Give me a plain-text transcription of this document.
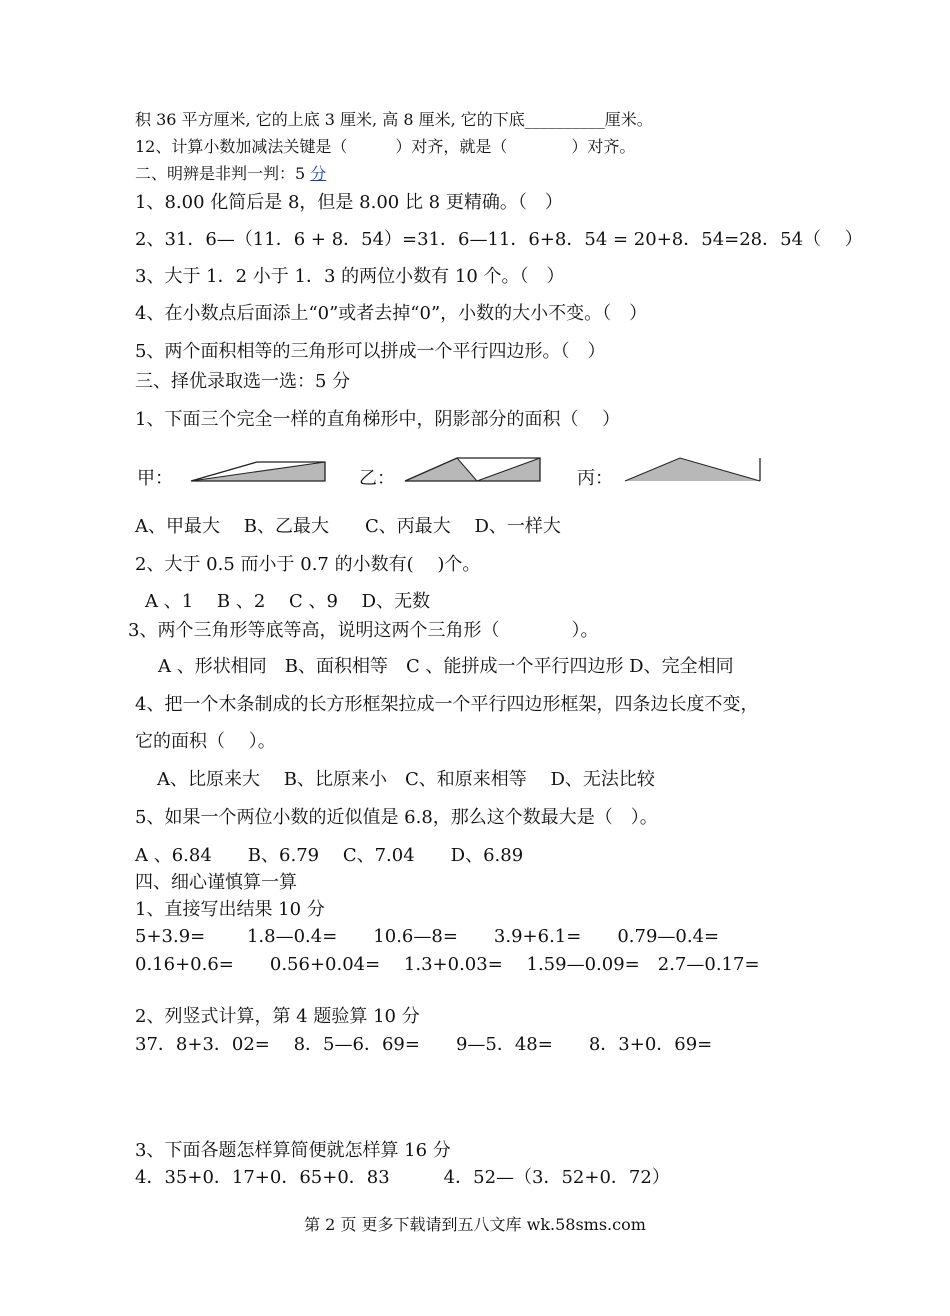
积 36 平方厘米, 它的上底 3 厘米, 高 8 厘米, 它的下底__________厘米。
12、计算小数加减法关键是（　　　）对齐，就是（　　　　）对齐。
二、明辨是非判一判：5 分
1、8.00 化简后是 8，但是 8.00 比 8 更精确。（　）
2、31．6—（11．6 + 8．54）=31．6—11．6+8．54 = 20+8．54=28．54（　 ）
3、大于 1．2 小于 1．3 的两位小数有 10 个。（　）
4、在小数点后面添上“0”或者去掉“0”，小数的大小不变。（　）
5、两个面积相等的三角形可以拼成一个平行四边形。（　）
三、择优录取选一选：5 分
1、下面三个完全一样的直角梯形中，阴影部分的面积（　 ）
甲：	乙：	丙：
A、甲最大　 B、乙最大　　C、丙最大　 D、一样大
2、大于 0.5 而小于 0.7 的小数有(　 )个。
A 、1　 B 、2　 C 、9　 D、无数
3、两个三角形等底等高，说明这两个三角形（　　　　）。
A 、形状相同　B、面积相等　C 、能拼成一个平行四边形 D、完全相同
4、把一个木条制成的长方形框架拉成一个平行四边形框架，四条边长度不变，
它的面积（　 ）。
A、比原来大　 B、比原来小　C、和原来相等　 D、无法比较
5、如果一个两位小数的近似值是 6.8，那么这个数最大是（　）。
A 、6.84　　B、6.79　 C、7.04　　D、6.89
四、细心谨慎算一算
1、直接写出结果 10 分
5+3.9=　　 1.8—0.4=　　10.6—8=　　3.9+6.1=　　0.79—0.4=
0.16+0.6=　　0.56+0.04=　 1.3+0.03=　 1.59—0.09=　2.7—0.17=
2、列竖式计算，第 4 题验算 10 分
37．8+3．02=　 8．5—6．69=　　9—5．48=　　8．3+0．69=
3、下面各题怎样算简便就怎样算 16 分
4．35+0．17+0．65+0．83　　　4．52—（3．52+0．72）
第 2 页 更多下载请到五八文库 wk.58sms.com
